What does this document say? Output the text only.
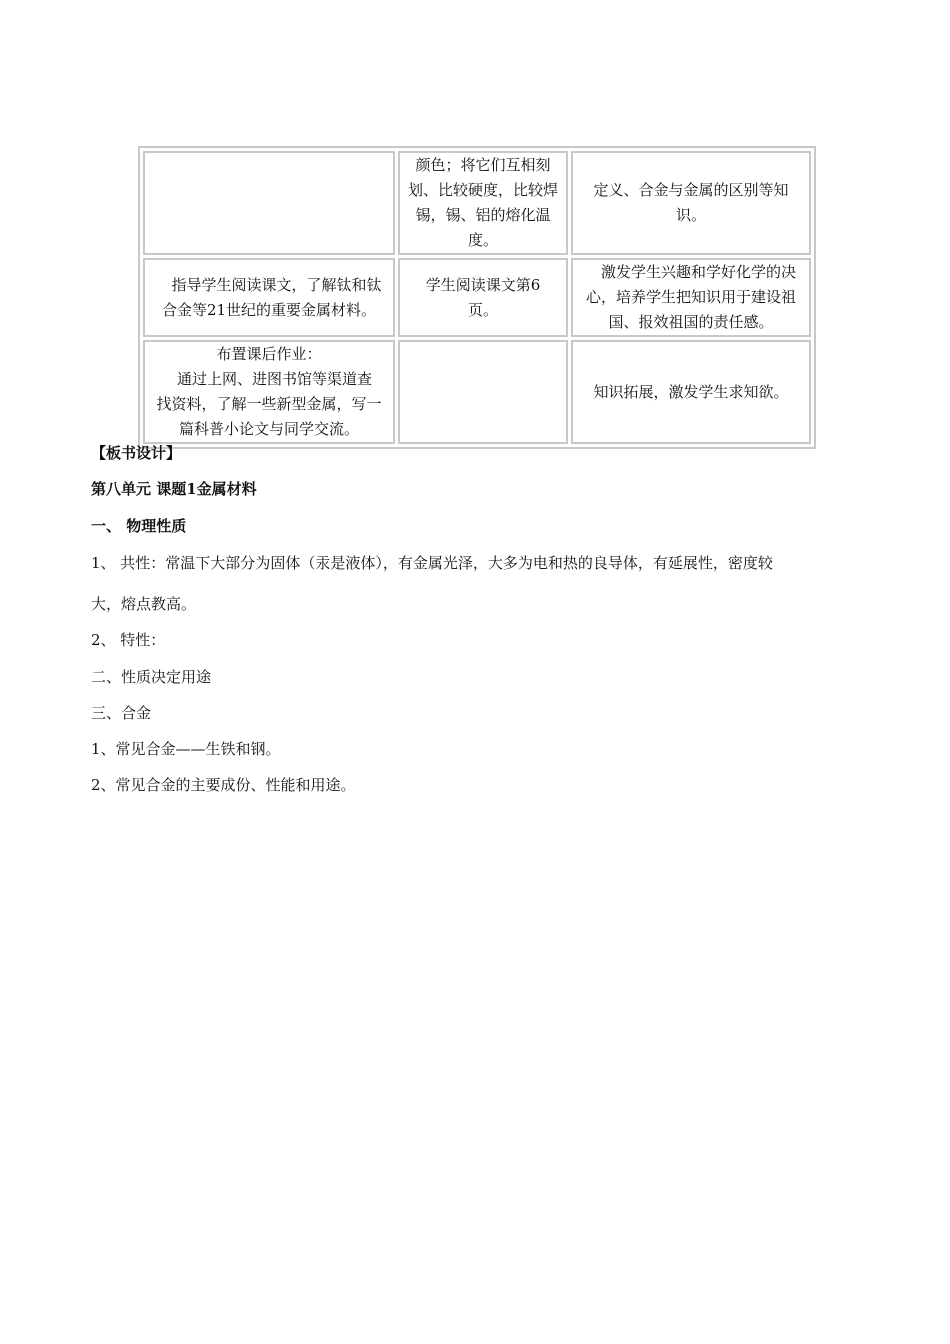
	颜色；将它们互相刻
划、比较硬度，比较焊
锡，锡、铝的熔化温
度。	定义、合金与金属的区别等知
识。

指导学生阅读课文，了解钛和钛
合金等21世纪的重要金属材料。	学生阅读课文第6
页。	激发学生兴趣和学好化学的决
心，培养学生把知识用于建设祖
国、报效祖国的责任感。

布置课后作业：
通过上网、进图书馆等渠道查
找资料，了解一些新型金属，写一
篇科普小论文与同学交流。		知识拓展，激发学生求知欲。
【板书设计】
第八单元 课题1金属材料
一、 物理性质
1、 共性：常温下大部分为固体（汞是液体），有金属光泽，大多为电和热的良导体，有延展性，密度较
大，熔点教高。
2、 特性：
二、性质决定用途
三、合金
1、常见合金——生铁和钢。
2、常见合金的主要成份、性能和用途。
